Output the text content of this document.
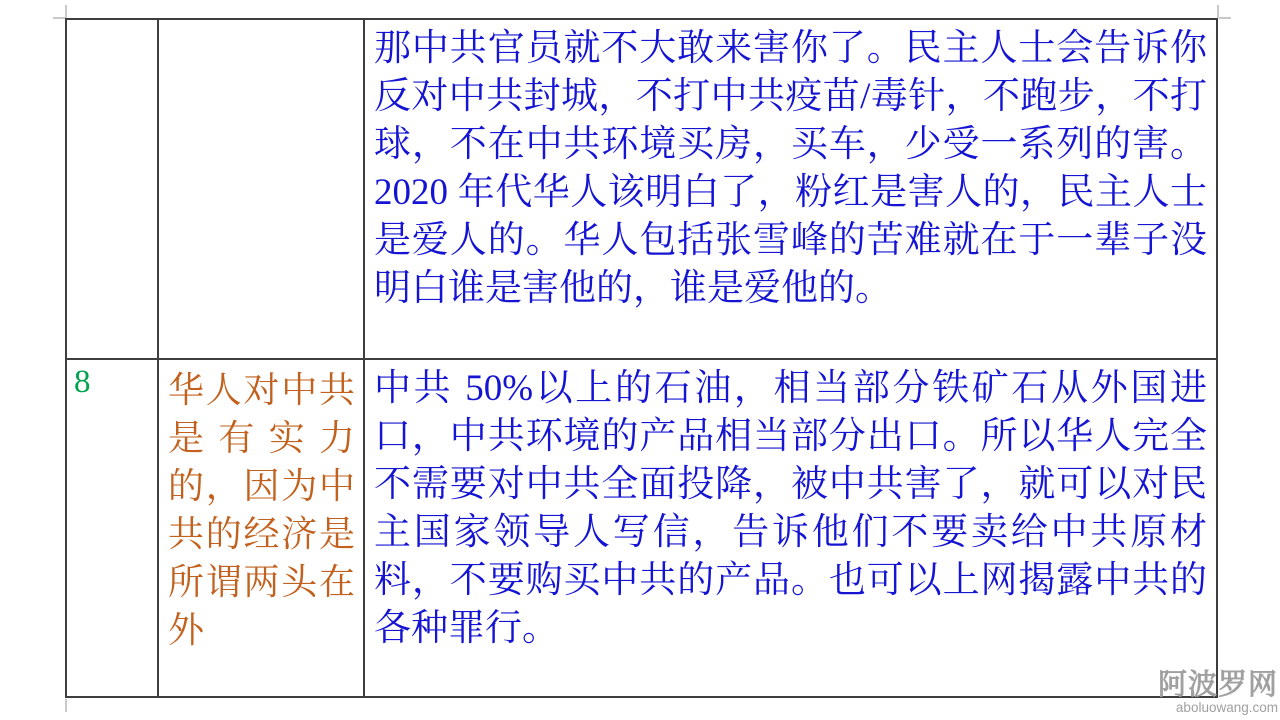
那中共官员就不大敢来害你了。民主人士会告诉你
反对中共封城，不打中共疫苗/毒针，不跑步，不打
球，不在中共环境买房，买车，少受一系列的害。
2020 年代华人该明白了，粉红是害人的，民主人士
是爱人的。华人包括张雪峰的苦难就在于一辈子没
明白谁是害他的，谁是爱他的。
8	华人对中共
是有实力
的，因为中
共的经济是
所谓两头在
外
中共 50%以上的石油，相当部分铁矿石从外国进
口，中共环境的产品相当部分出口。所以华人完全
不需要对中共全面投降，被中共害了，就可以对民
主国家领导人写信，告诉他们不要卖给中共原材
料，不要购买中共的产品。也可以上网揭露中共的
各种罪行。
阿波罗网
aboluowang.com
